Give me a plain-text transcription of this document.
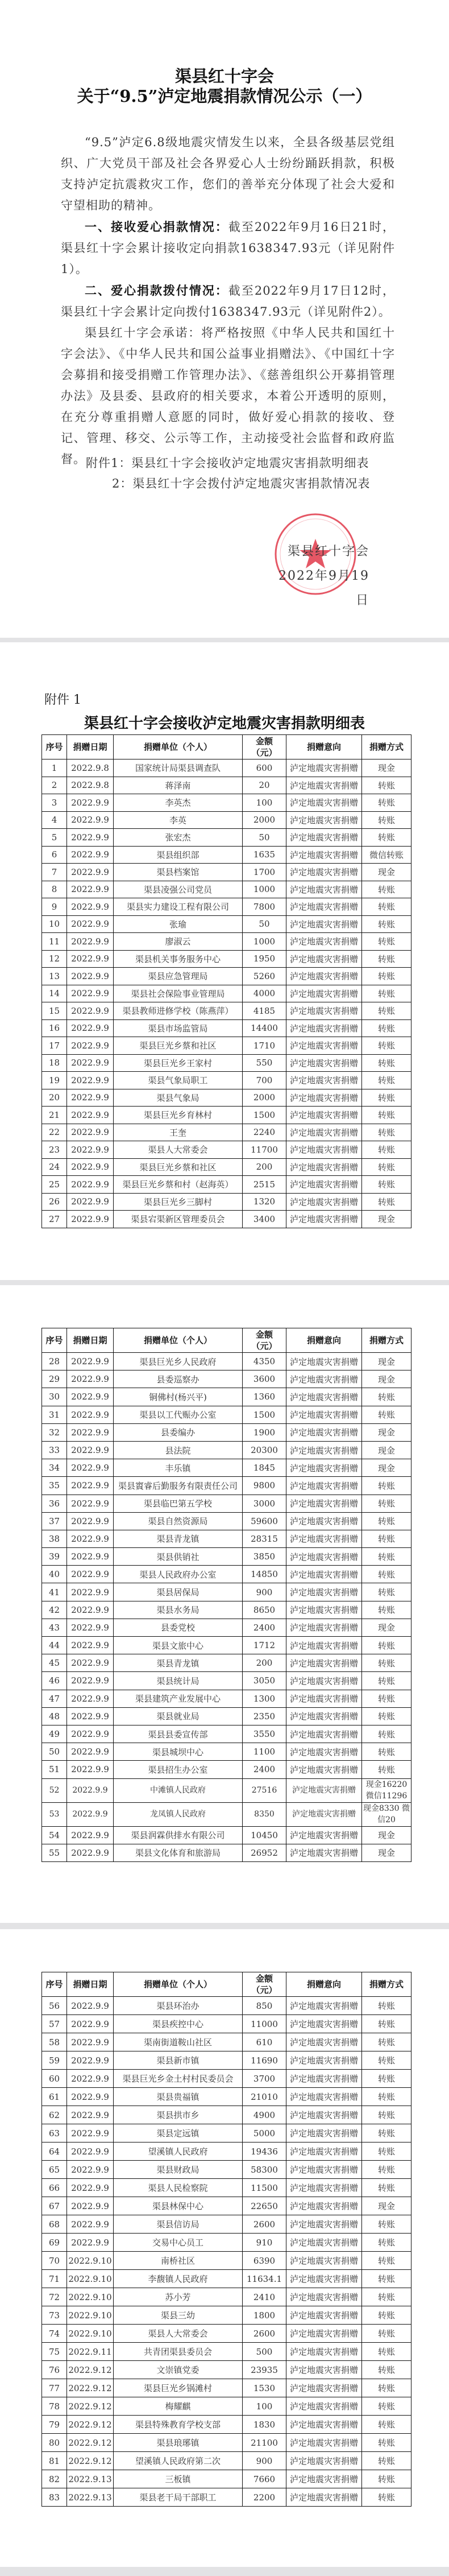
渠县红十字会
关于“9.5”泸定地震捐款情况公示（一）

“9.5”泸定6.8级地震灾情发生以来，全县各级基层党组织、广大党员干部及社会各界爱心人士纷纷踊跃捐款，积极支持泸定抗震救灾工作，您们的善举充分体现了社会大爱和守望相助的精神。

一、接收爱心捐款情况：截至2022年9月16日21时，渠县红十字会累计接收定向捐款1638347.93元（详见附件1）。

二、爱心捐款拨付情况：截至2022年9月17日12时，渠县红十字会累计定向拨付1638347.93元（详见附件2）。

渠县红十字会承诺：将严格按照《中华人民共和国红十字会法》、《中华人民共和国公益事业捐赠法》、《中国红十字会募捐和接受捐赠工作管理办法》、《慈善组织公开募捐管理办法》及县委、县政府的相关要求，本着公开透明的原则，在充分尊重捐赠人意愿的同时，做好爱心捐款的接收、登记、管理、移交、公示等工作，主动接受社会监督和政府监督。 附件1：渠县红十字会接收泸定地震灾害捐款明细表
2：渠县红十字会拨付泸定地震灾害捐款情况表
渠县红十字会
2022年9月19日
附件 1
渠县红十字会接收泸定地震灾害捐款明细表
序号	捐赠日期	捐赠单位（个人）	金额（元）	捐赠意向	捐赠方式
1	2022.9.8	国家统计局渠县调查队	600	泸定地震灾害捐赠	现金
2	2022.9.8	蒋泽南	20	泸定地震灾害捐赠	转账
3	2022.9.9	李英杰	100	泸定地震灾害捐赠	转账
4	2022.9.9	李英	2000	泸定地震灾害捐赠	转账
5	2022.9.9	张宏杰	50	泸定地震灾害捐赠	转账
6	2022.9.9	渠县组织部	1635	泸定地震灾害捐赠	微信转账
7	2022.9.9	渠县档案馆	1700	泸定地震灾害捐赠	现金
8	2022.9.9	渠县凌强公司党员	1000	泸定地震灾害捐赠	转账
9	2022.9.9	渠县实力建设工程有限公司	7800	泸定地震灾害捐赠	转账
10	2022.9.9	张瑜	50	泸定地震灾害捐赠	转账
11	2022.9.9	廖淑云	1000	泸定地震灾害捐赠	转账
12	2022.9.9	渠县机关事务服务中心	1950	泸定地震灾害捐赠	转账
13	2022.9.9	渠县应急管理局	5260	泸定地震灾害捐赠	转账
14	2022.9.9	渠县社会保险事业管理局	4000	泸定地震灾害捐赠	转账
15	2022.9.9	渠县教师进修学校（陈燕萍）	4185	泸定地震灾害捐赠	转账
16	2022.9.9	渠县市场监管局	14400	泸定地震灾害捐赠	转账
17	2022.9.9	渠县巨光乡蔡和社区	1710	泸定地震灾害捐赠	转账
18	2022.9.9	渠县巨光乡王家村	550	泸定地震灾害捐赠	转账
19	2022.9.9	渠县气象局职工	700	泸定地震灾害捐赠	转账
20	2022.9.9	渠县气象局	2000	泸定地震灾害捐赠	转账
21	2022.9.9	渠县巨光乡育林村	1500	泸定地震灾害捐赠	转账
22	2022.9.9	王奎	2240	泸定地震灾害捐赠	转账
23	2022.9.9	渠县人大常委会	11700	泸定地震灾害捐赠	转账
24	2022.9.9	渠县巨光乡蔡和社区	200	泸定地震灾害捐赠	转账
25	2022.9.9	渠县巨光乡蔡和村（赵海英）	2515	泸定地震灾害捐赠	转账
26	2022.9.9	渠县巨光乡三脚村	1320	泸定地震灾害捐赠	转账
27	2022.9.9	渠县宕渠新区管理委员会	3400	泸定地震灾害捐赠	现金
序号	捐赠日期	捐赠单位（个人）	金额（元）	捐赠意向	捐赠方式
28	2022.9.9	渠县巨光乡人民政府	4350	泸定地震灾害捐赠	现金
29	2022.9.9	县委巡察办	3600	泸定地震灾害捐赠	现金
30	2022.9.9	铜佛村(杨兴平)	1360	泸定地震灾害捐赠	转账
31	2022.9.9	渠县以工代赈办公室	1500	泸定地震灾害捐赠	转账
32	2022.9.9	县委编办	1900	泸定地震灾害捐赠	现金
33	2022.9.9	县法院	20300	泸定地震灾害捐赠	现金
34	2022.9.9	丰乐镇	1845	泸定地震灾害捐赠	现金
35	2022.9.9	渠县賨睿后勤服务有限责任公司	9800	泸定地震灾害捐赠	转账
36	2022.9.9	渠县临巴第五学校	3000	泸定地震灾害捐赠	转账
37	2022.9.9	渠县自然资源局	59600	泸定地震灾害捐赠	转账
38	2022.9.9	渠县青龙镇	28315	泸定地震灾害捐赠	转账
39	2022.9.9	渠县供销社	3850	泸定地震灾害捐赠	转账
40	2022.9.9	渠县人民政府办公室	14850	泸定地震灾害捐赠	转账
41	2022.9.9	渠县居保局	900	泸定地震灾害捐赠	转账
42	2022.9.9	渠县水务局	8650	泸定地震灾害捐赠	转账
43	2022.9.9	县委党校	2400	泸定地震灾害捐赠	现金
44	2022.9.9	渠县文旅中心	1712	泸定地震灾害捐赠	转账
45	2022.9.9	渠县青龙镇	200	泸定地震灾害捐赠	转账
46	2022.9.9	渠县统计局	3050	泸定地震灾害捐赠	转账
47	2022.9.9	渠县建筑产业发展中心	1300	泸定地震灾害捐赠	转账
48	2022.9.9	渠县就业局	2350	泸定地震灾害捐赠	转账
49	2022.9.9	渠县县委宣传部	3550	泸定地震灾害捐赠	转账
50	2022.9.9	渠县城坝中心	1100	泸定地震灾害捐赠	转账
51	2022.9.9	渠县招生办公室	2400	泸定地震灾害捐赠	转账
52	2022.9.9	中滩镇人民政府	27516	泸定地震灾害捐赠	现金16220 微信11296
53	2022.9.9	龙凤镇人民政府	8350	泸定地震灾害捐赠	现金8330 微信20
54	2022.9.9	渠县润霖供排水有限公司	10450	泸定地震灾害捐赠	现金
55	2022.9.9	渠县文化体育和旅游局	26952	泸定地震灾害捐赠	现金
序号	捐赠日期	捐赠单位（个人）	金额（元）	捐赠意向	捐赠方式
56	2022.9.9	渠县环治办	850	泸定地震灾害捐赠	转账
57	2022.9.9	渠县疾控中心	11000	泸定地震灾害捐赠	转账
58	2022.9.9	渠南街道鞍山社区	610	泸定地震灾害捐赠	转账
59	2022.9.9	渠县新市镇	11690	泸定地震灾害捐赠	转账
60	2022.9.9	渠县巨光乡金土村村民委员会	3700	泸定地震灾害捐赠	转账
61	2022.9.9	渠县贵福镇	21010	泸定地震灾害捐赠	转账
62	2022.9.9	渠县拱市乡	4900	泸定地震灾害捐赠	转账
63	2022.9.9	渠县定远镇	5000	泸定地震灾害捐赠	转账
64	2022.9.9	望溪镇人民政府	19436	泸定地震灾害捐赠	转账
65	2022.9.9	渠县财政局	58300	泸定地震灾害捐赠	转账
66	2022.9.9	渠县人民检察院	11500	泸定地震灾害捐赠	转账
67	2022.9.9	渠县林保中心	22650	泸定地震灾害捐赠	现金
68	2022.9.9	渠县信访局	2600	泸定地震灾害捐赠	转账
69	2022.9.9	交易中心员工	910	泸定地震灾害捐赠	转账
70	2022.9.10	南桥社区	6390	泸定地震灾害捐赠	转账
71	2022.9.10	李馥镇人民政府	11634.1	泸定地震灾害捐赠	转账
72	2022.9.10	苏小芳	2410	泸定地震灾害捐赠	转账
73	2022.9.10	渠县三幼	1800	泸定地震灾害捐赠	转账
74	2022.9.10	渠县人大常委会	2600	泸定地震灾害捐赠	转账
75	2022.9.11	共青团渠县委员会	500	泸定地震灾害捐赠	转账
76	2022.9.12	文崇镇党委	23935	泸定地震灾害捐赠	转账
77	2022.9.12	渠县巨光乡锅滩村	1530	泸定地震灾害捐赠	转账
78	2022.9.12	梅耀麒	100	泸定地震灾害捐赠	转账
79	2022.9.12	渠县特殊教育学校支部	1830	泸定地震灾害捐赠	转账
80	2022.9.12	渠县琅琊镇	21100	泸定地震灾害捐赠	转账
81	2022.9.12	望溪镇人民政府第二次	900	泸定地震灾害捐赠	转账
82	2022.9.13	三板镇	7660	泸定地震灾害捐赠	转账
83	2022.9.13	渠县老干局干部职工	2200	泸定地震灾害捐赠	转账
